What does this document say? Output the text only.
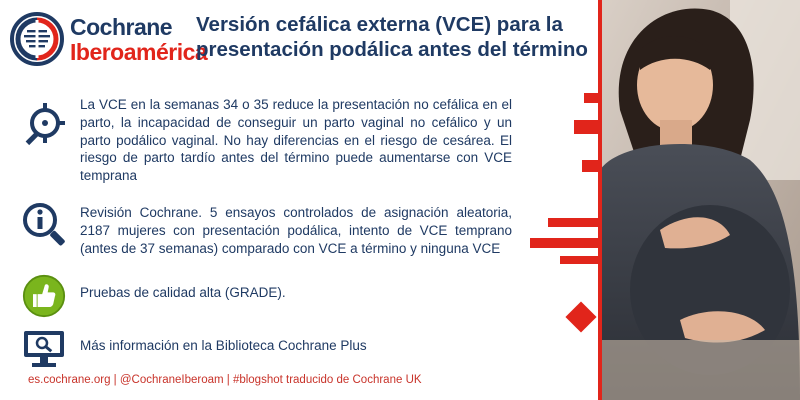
Cochrane
Iberoamérica
Versión cefálica externa (VCE) para la presentación podálica antes del término
La VCE en la semanas 34 o 35 reduce la presentación no cefálica en el parto, la incapacidad de conseguir un parto vaginal no cefálico y un parto podálico vaginal. No hay diferencias en el riesgo de cesárea. El riesgo de parto tardío antes del término puede aumentarse con VCE temprana
Revisión Cochrane. 5 ensayos controlados de asignación aleatoria, 2187 mujeres con presentación podálica, intento de VCE temprano (antes de 37 semanas) comparado con VCE a término y ninguna VCE
Pruebas de calidad alta (GRADE).
Más información en la Biblioteca Cochrane Plus
es.cochrane.org | @CochraneIberoam | #blogshot traducido de Cochrane UK
